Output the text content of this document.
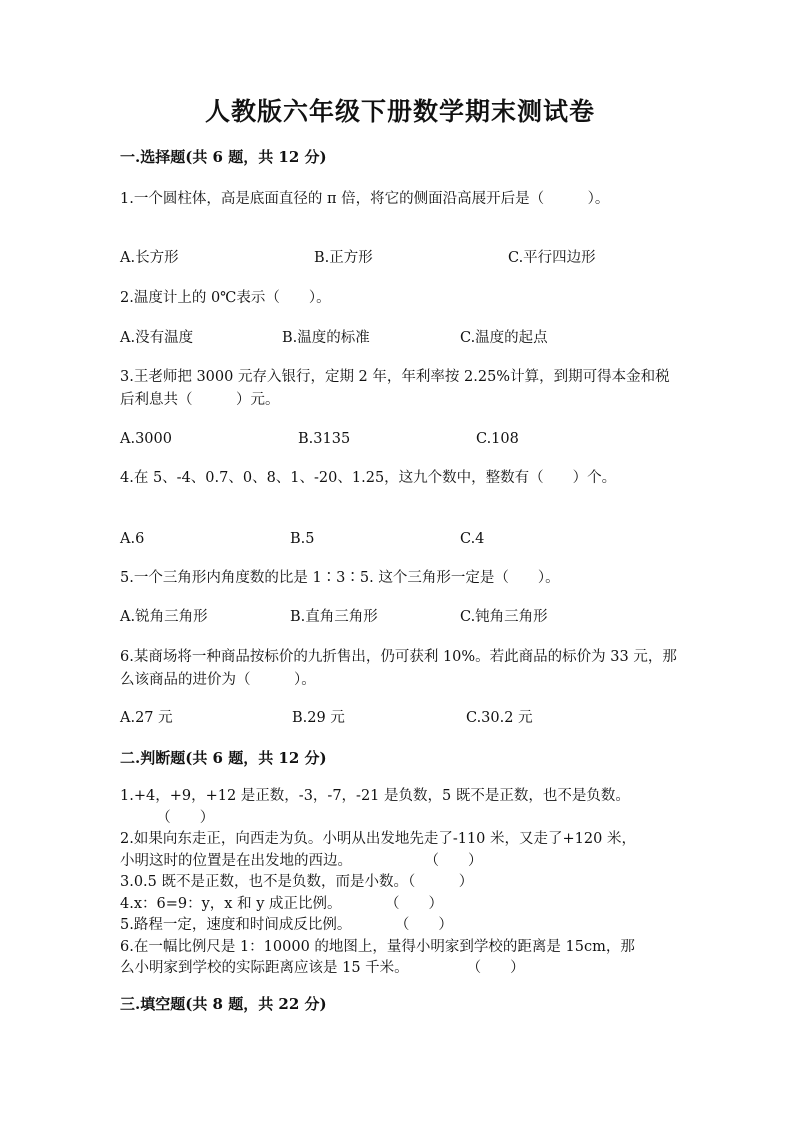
人教版六年级下册数学期末测试卷
一.选择题(共 6 题，共 12 分)
1.一个圆柱体，高是底面直径的 π 倍，将它的侧面沿高展开后是（　　　）。
A.长方形	B.正方形	C.平行四边形
2.温度计上的 0℃表示（　　）。
A.没有温度	B.温度的标准	C.温度的起点
3.王老师把 3000 元存入银行，定期 2 年，年利率按 2.25%计算，到期可得本金和税后利息共（　　　）元。
A.3000	B.3135	C.108
4.在 5、-4、0.7、0、8、1、-20、1.25，这九个数中，整数有（　　）个。
A.6	B.5	C.4
5.一个三角形内角度数的比是 1∶3∶5. 这个三角形一定是（　　）。
A.锐角三角形	B.直角三角形	C.钝角三角形
6.某商场将一种商品按标价的九折售出，仍可获利 10%。若此商品的标价为 33 元，那么该商品的进价为（　　　）。
A.27 元	B.29 元	C.30.2 元
二.判断题(共 6 题，共 12 分)
1.+4，+9，+12 是正数，-3，-7，-21 是负数，5 既不是正数，也不是负数。
　　　（　　）
2.如果向东走正，向西走为负。小明从出发地先走了-110 米，又走了+120 米，
小明这时的位置是在出发地的西边。　　　　　　（　　）
3.0.5 既不是正数，也不是负数，而是小数。（　　　）
4.x：6=9：y，x 和 y 成正比例。　　　　（　　）
5.路程一定，速度和时间成反比例。　　　　（　　）
6.在一幅比例尺是 1：10000 的地图上，量得小明家到学校的距离是 15cm，那
么小明家到学校的实际距离应该是 15 千米。　　　　　（　　）
三.填空题(共 8 题，共 22 分)
